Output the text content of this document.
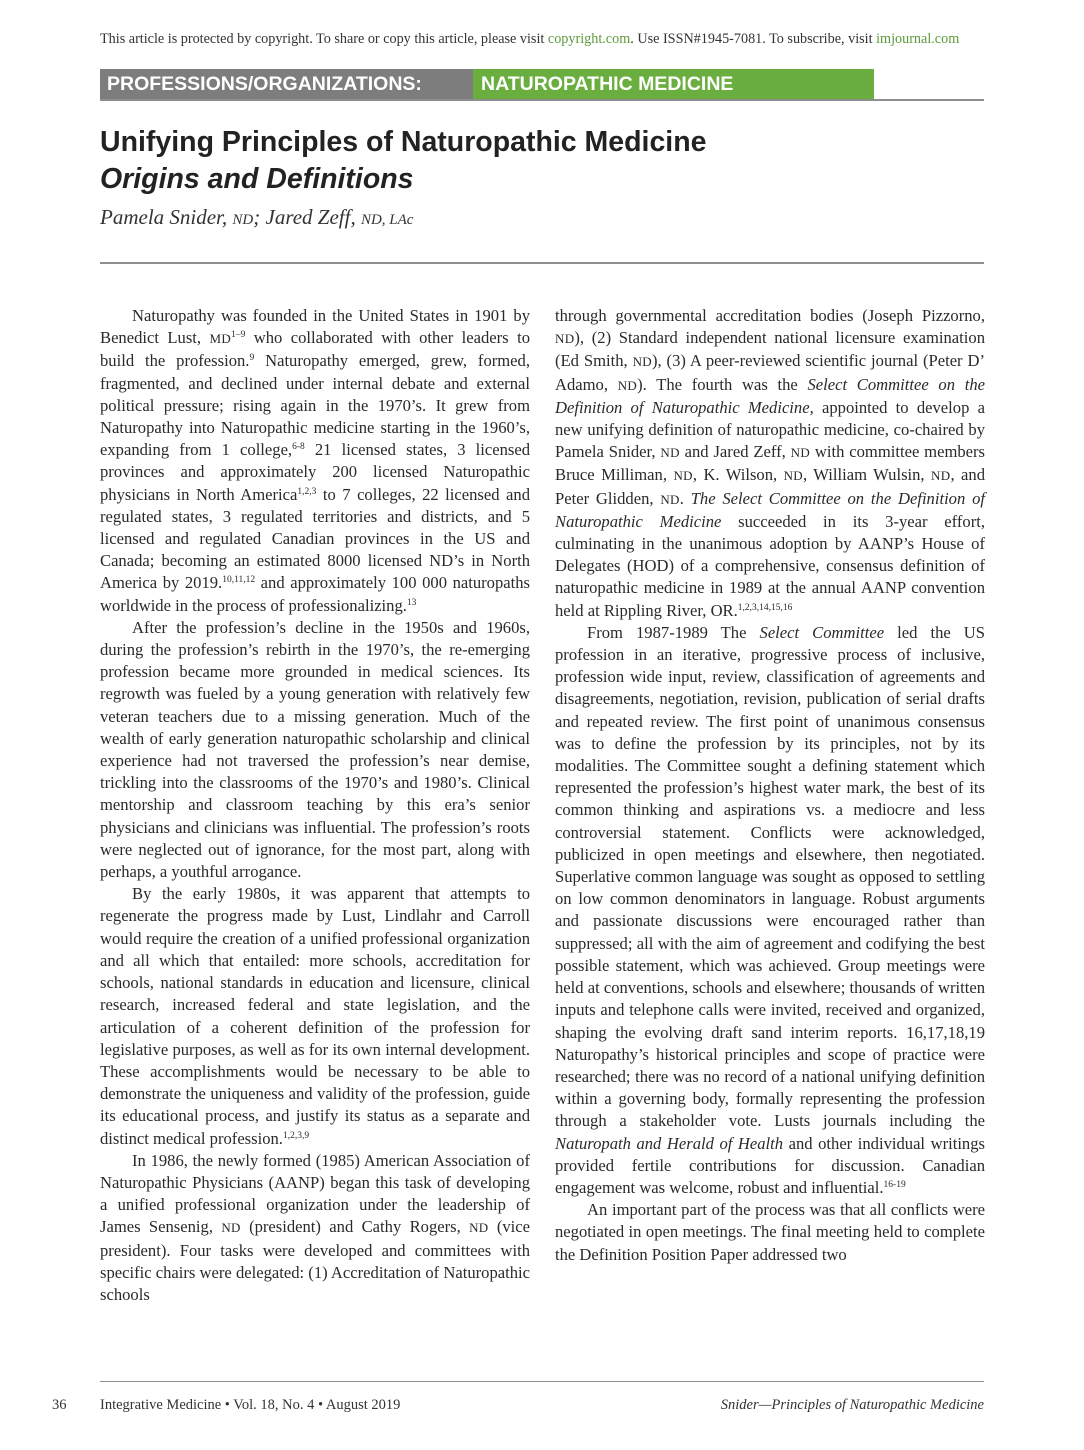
This article is protected by copyright. To share or copy this article, please visit copyright.com. Use ISSN#1945-7081. To subscribe, visit imjournal.com
PROFESSIONS/ORGANIZATIONS:	NATUROPATHIC MEDICINE
Unifying Principles of Naturopathic Medicine
Origins and Definitions
Pamela Snider, ND; Jared Zeff, ND, LAc

Naturopathy was founded in the United States in 1901 by Benedict Lust, MD$^{1-9}$ who collaborated with other leaders to build the profession.$^9$ Naturopathy emerged, grew, formed, fragmented, and declined under internal debate and external political pressure; rising again in the 1970’s. It grew from Naturopathy into Naturopathic medicine starting in the 1960’s, expanding from 1 college,$^{6-8}$ 21 licensed states, 3 licensed provinces and approximately 200 licensed Naturopathic physicians in North America$^{1,2,3}$ to 7 colleges, 22 licensed and regulated states, 3 regulated territories and districts, and 5 licensed and regulated Canadian provinces in the US and Canada; becoming an estimated 8000 licensed ND’s in North America by 2019.$^{10,11,12}$ and approximately 100 000 naturopaths worldwide in the process of professionalizing.$^{13}$

After the profession’s decline in the 1950s and 1960s, during the profession’s rebirth in the 1970’s, the re-emerging profession became more grounded in medical sciences. Its regrowth was fueled by a young generation with relatively few veteran teachers due to a missing generation. Much of the wealth of early generation naturopathic scholarship and clinical experience had not traversed the profession’s near demise, trickling into the classrooms of the 1970’s and 1980’s. Clinical mentorship and classroom teaching by this era’s senior physicians and clinicians was influential. The profession’s roots were neglected out of ignorance, for the most part, along with perhaps, a youthful arrogance.

By the early 1980s, it was apparent that attempts to regenerate the progress made by Lust, Lindlahr and Carroll would require the creation of a unified professional organization and all which that entailed: more schools, accreditation for schools, national standards in education and licensure, clinical research, increased federal and state legislation, and the articulation of a coherent definition of the profession for legislative purposes, as well as for its own internal development. These accomplishments would be necessary to be able to demonstrate the uniqueness and validity of the profession, guide its educational process, and justify its status as a separate and distinct medical profession.$^{1,2,3,9}$

In 1986, the newly formed (1985) American Association of Naturopathic Physicians (AANP) began this task of developing a unified professional organization under the leadership of James Sensenig, ND (president) and Cathy Rogers, ND (vice president). Four tasks were developed and committees with specific chairs were delegated: (1) Accreditation of Naturopathic schools

through governmental accreditation bodies (Joseph Pizzorno, ND), (2) Standard independent national licensure examination (Ed Smith, ND), (3) A peer-reviewed scientific journal (Peter D’ Adamo, ND). The fourth was the Select Committee on the Definition of Naturopathic Medicine, appointed to develop a new unifying definition of naturopathic medicine, co-chaired by Pamela Snider, ND and Jared Zeff, ND with committee members Bruce Milliman, ND, K. Wilson, ND, William Wulsin, ND, and Peter Glidden, ND. The Select Committee on the Definition of Naturopathic Medicine succeeded in its 3-year effort, culminating in the unanimous adoption by AANP’s House of Delegates (HOD) of a comprehensive, consensus definition of naturopathic medicine in 1989 at the annual AANP convention held at Rippling River, OR.$^{1,2,3,14,15,16}$

From 1987-1989 The Select Committee led the US profession in an iterative, progressive process of inclusive, profession wide input, review, classification of agreements and disagreements, negotiation, revision, publication of serial drafts and repeated review. The first point of unanimous consensus was to define the profession by its principles, not by its modalities. The Committee sought a defining statement which represented the profession’s highest water mark, the best of its common thinking and aspirations vs. a mediocre and less controversial statement. Conflicts were acknowledged, publicized in open meetings and elsewhere, then negotiated. Superlative common language was sought as opposed to settling on low common denominators in language. Robust arguments and passionate discussions were encouraged rather than suppressed; all with the aim of agreement and codifying the best possible statement, which was achieved. Group meetings were held at conventions, schools and elsewhere; thousands of written inputs and telephone calls were invited, received and organized, shaping the evolving draft sand interim reports. 16,17,18,19 Naturopathy’s historical principles and scope of practice were researched; there was no record of a national unifying definition within a governing body, formally representing the profession through a stakeholder vote. Lusts journals including the Naturopath and Herald of Health and other individual writings provided fertile contributions for discussion. Canadian engagement was welcome, robust and influential.$^{16-19}$

An important part of the process was that all conflicts were negotiated in open meetings. The final meeting held to complete the Definition Position Paper addressed two

36 Integrative Medicine • Vol. 18, No. 4 • August 2019	Snider—Principles of Naturopathic Medicine
